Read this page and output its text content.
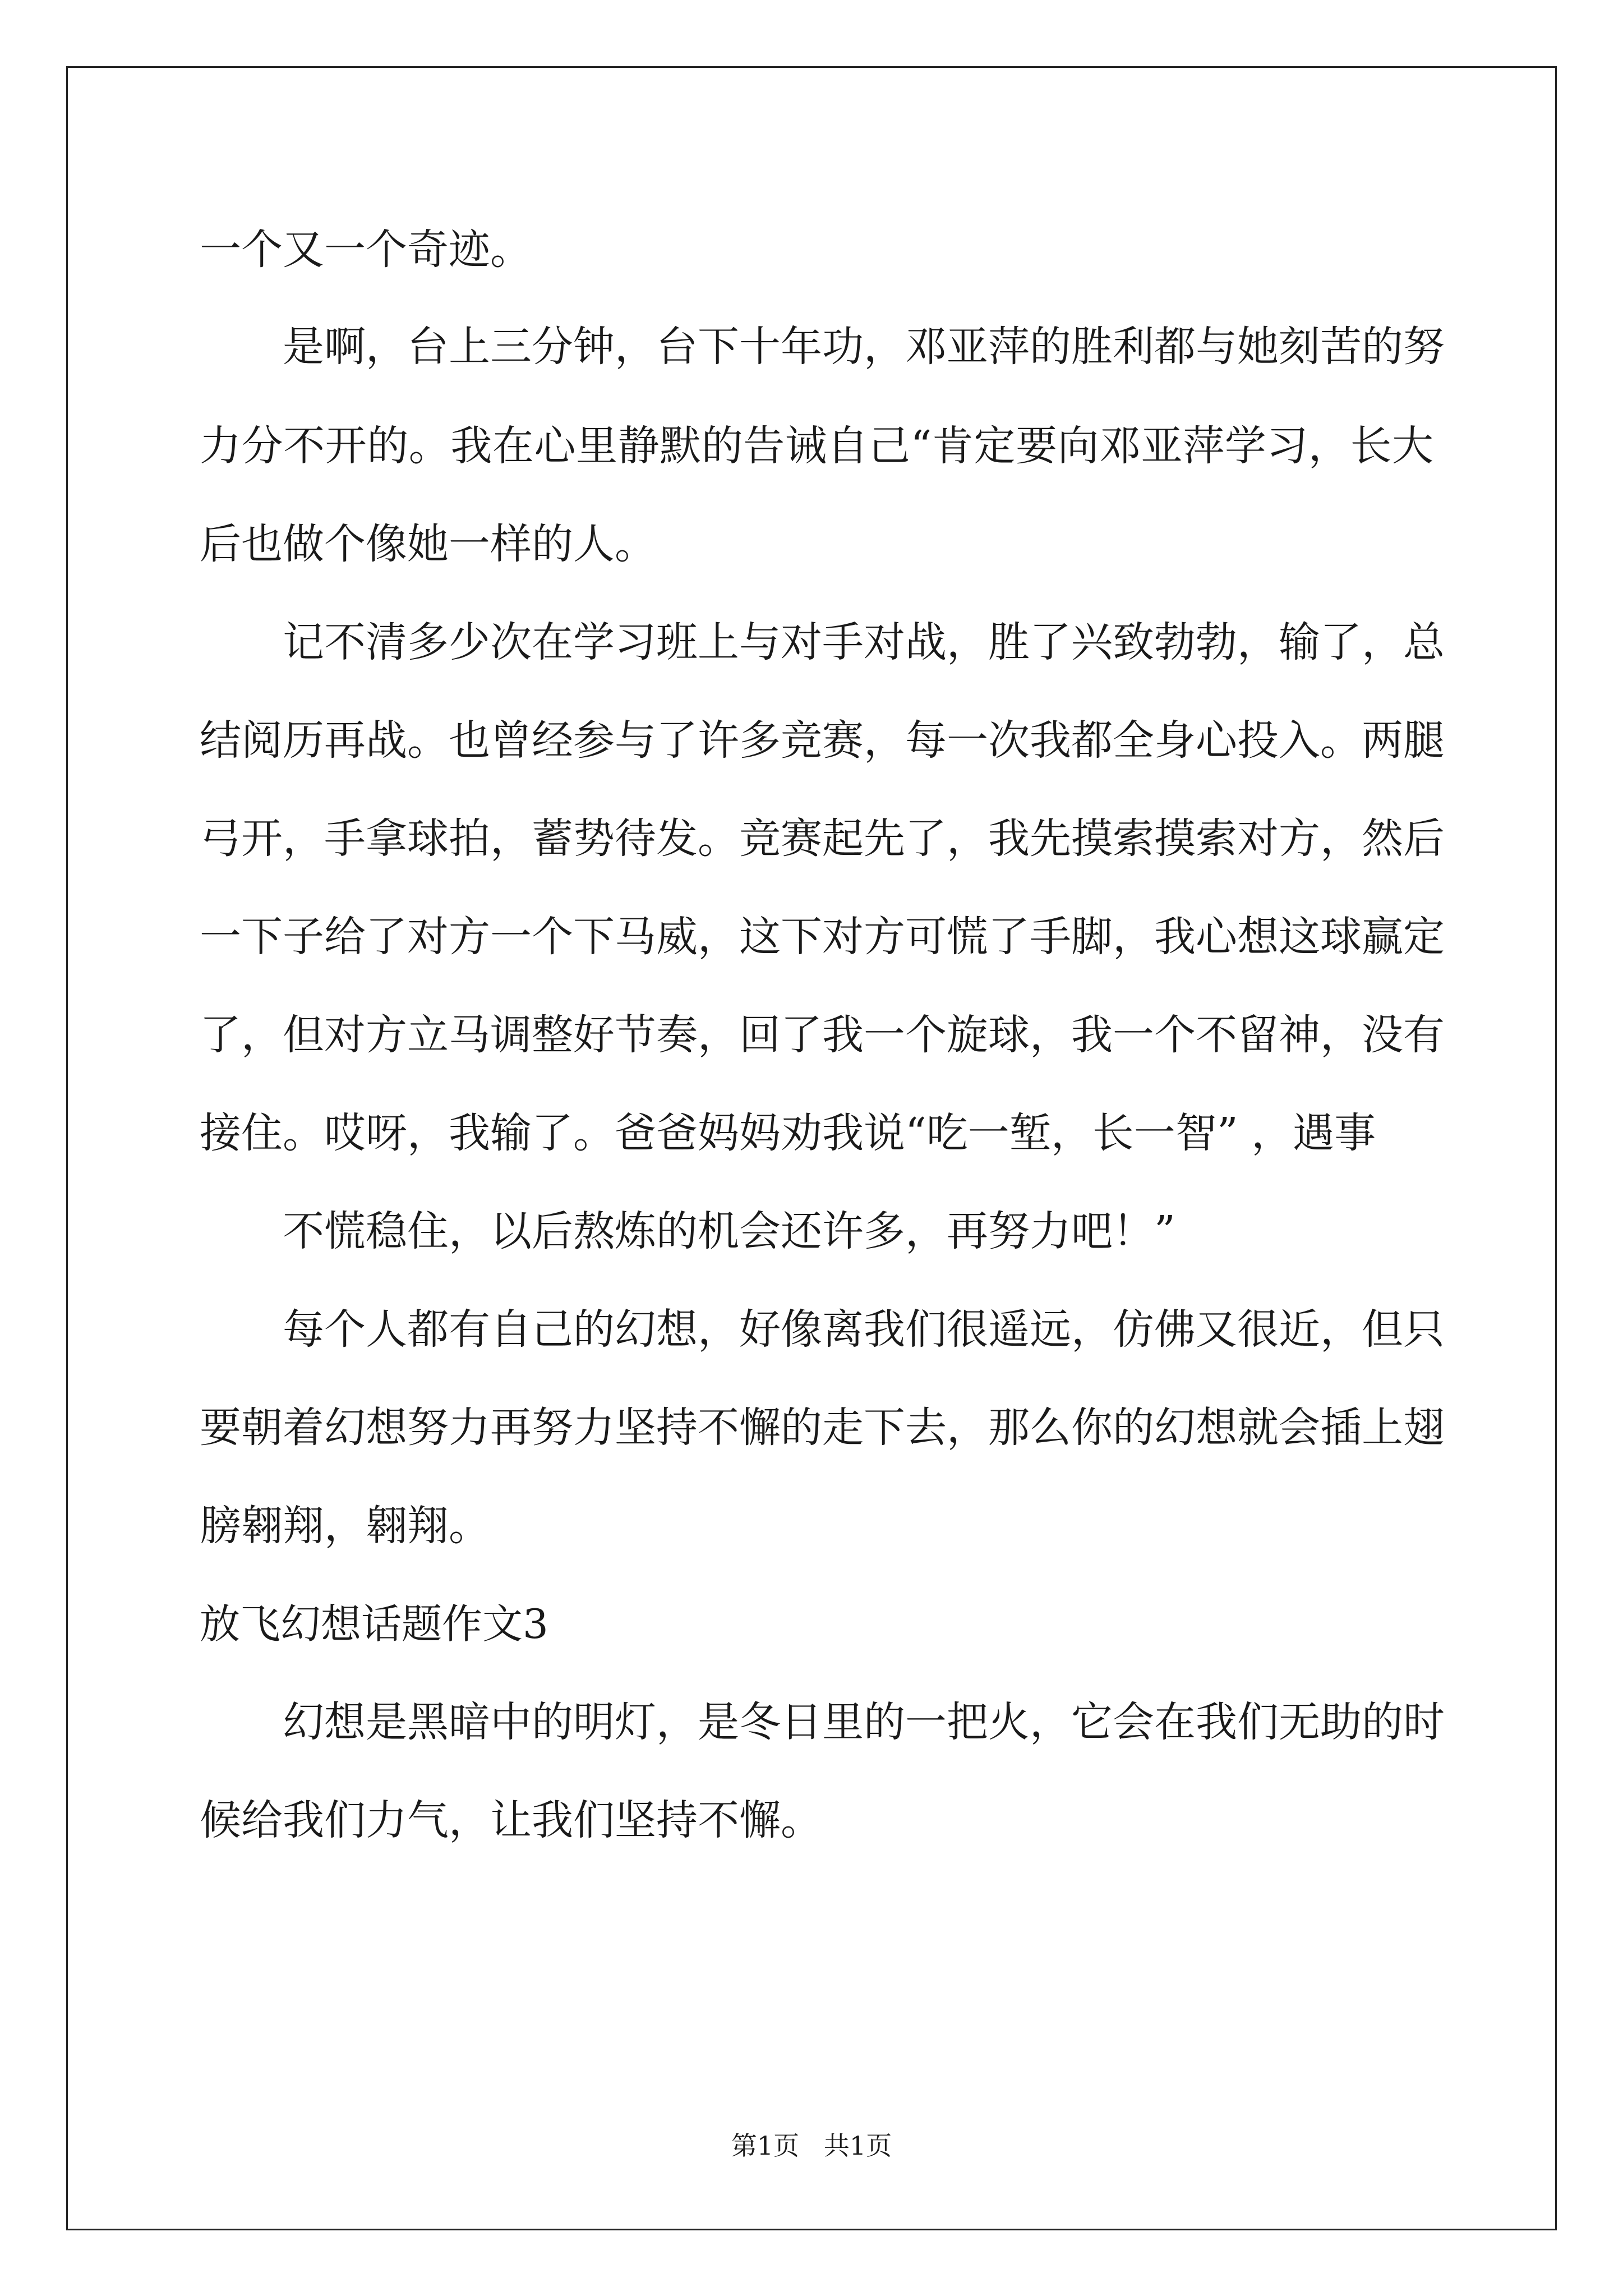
一个又一个奇迹。
是啊，台上三分钟，台下十年功，邓亚萍的胜利都与她刻苦的努
力分不开的。我在心里静默的告诫自己“肯定要向邓亚萍学习，长大
后也做个像她一样的人。
记不清多少次在学习班上与对手对战，胜了兴致勃勃，输了，总
结阅历再战。也曾经参与了许多竞赛，每一次我都全身心投入。两腿
弓开，手拿球拍，蓄势待发。竞赛起先了，我先摸索摸索对方，然后
一下子给了对方一个下马威，这下对方可慌了手脚，我心想这球赢定
了，但对方立马调整好节奏，回了我一个旋球，我一个不留神，没有
接住。哎呀，我输了。爸爸妈妈劝我说“吃一堑，长一智” ，遇事
不慌稳住，以后熬炼的机会还许多，再努力吧！”
每个人都有自己的幻想，好像离我们很遥远，仿佛又很近，但只
要朝着幻想努力再努力坚持不懈的走下去，那么你的幻想就会插上翅
膀翱翔，翱翔。
放飞幻想话题作文3
幻想是黑暗中的明灯，是冬日里的一把火，它会在我们无助的时
候给我们力气，让我们坚持不懈。
第1页   共1页
